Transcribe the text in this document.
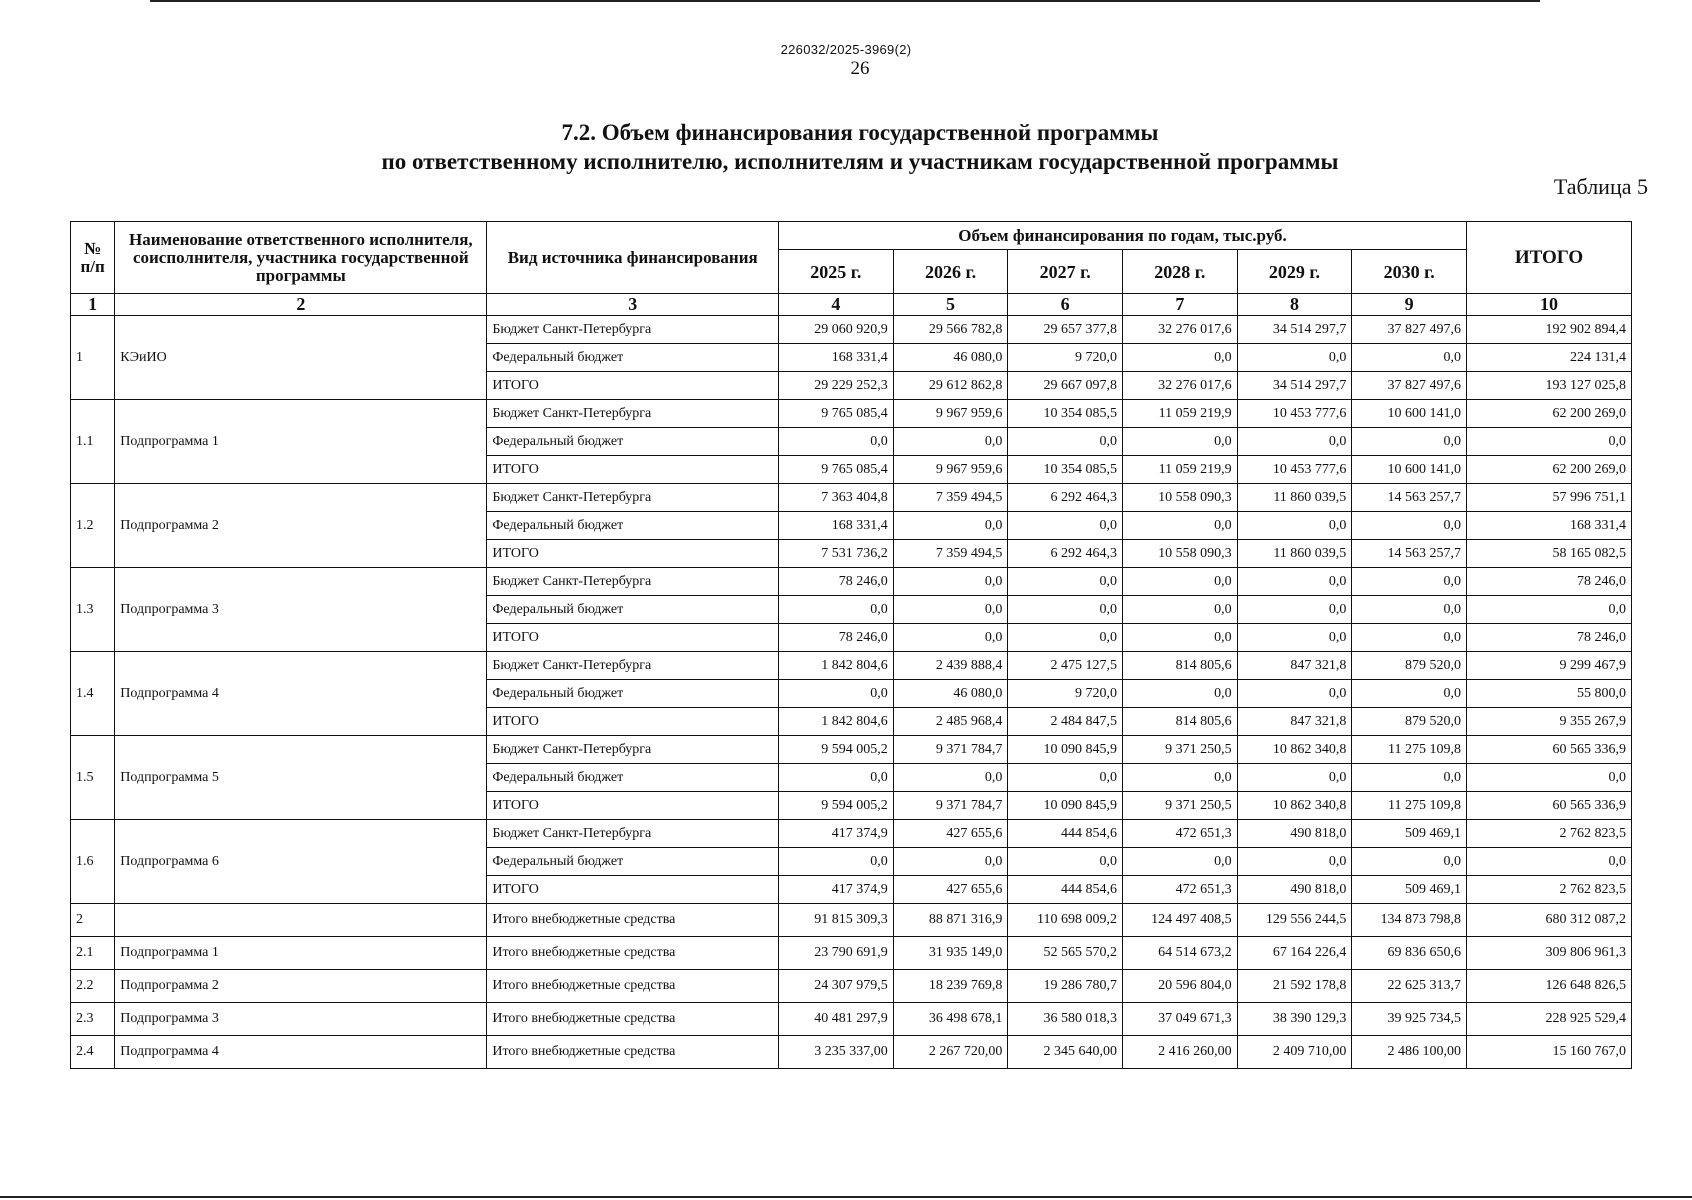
226032/2025-3969(2)
26
7.2. Объем финансирования государственной программы
по ответственному исполнителю, исполнителям и участникам государственной программы
Таблица 5
№ п/п	Наименование ответственного исполнителя, соисполнителя, участника государственной программы	Вид источника финансирования	Объем финансирования по годам, тыс.руб.						ИТОГО
			2025 г.	2026 г.	2027 г.	2028 г.	2029 г.	2030 г.	
1	2	3	4	5	6	7	8	9	10
1	КЭиИО	Бюджет Санкт-Петербурга	29 060 920,9	29 566 782,8	29 657 377,8	32 276 017,6	34 514 297,7	37 827 497,6	192 902 894,4
		Федеральный бюджет	168 331,4	46 080,0	9 720,0	0,0	0,0	0,0	224 131,4
		ИТОГО	29 229 252,3	29 612 862,8	29 667 097,8	32 276 017,6	34 514 297,7	37 827 497,6	193 127 025,8
1.1	Подпрограмма 1	Бюджет Санкт-Петербурга	9 765 085,4	9 967 959,6	10 354 085,5	11 059 219,9	10 453 777,6	10 600 141,0	62 200 269,0
		Федеральный бюджет	0,0	0,0	0,0	0,0	0,0	0,0	0,0
		ИТОГО	9 765 085,4	9 967 959,6	10 354 085,5	11 059 219,9	10 453 777,6	10 600 141,0	62 200 269,0
1.2	Подпрограмма 2	Бюджет Санкт-Петербурга	7 363 404,8	7 359 494,5	6 292 464,3	10 558 090,3	11 860 039,5	14 563 257,7	57 996 751,1
		Федеральный бюджет	168 331,4	0,0	0,0	0,0	0,0	0,0	168 331,4
		ИТОГО	7 531 736,2	7 359 494,5	6 292 464,3	10 558 090,3	11 860 039,5	14 563 257,7	58 165 082,5
1.3	Подпрограмма 3	Бюджет Санкт-Петербурга	78 246,0	0,0	0,0	0,0	0,0	0,0	78 246,0
		Федеральный бюджет	0,0	0,0	0,0	0,0	0,0	0,0	0,0
		ИТОГО	78 246,0	0,0	0,0	0,0	0,0	0,0	78 246,0
1.4	Подпрограмма 4	Бюджет Санкт-Петербурга	1 842 804,6	2 439 888,4	2 475 127,5	814 805,6	847 321,8	879 520,0	9 299 467,9
		Федеральный бюджет	0,0	46 080,0	9 720,0	0,0	0,0	0,0	55 800,0
		ИТОГО	1 842 804,6	2 485 968,4	2 484 847,5	814 805,6	847 321,8	879 520,0	9 355 267,9
1.5	Подпрограмма 5	Бюджет Санкт-Петербурга	9 594 005,2	9 371 784,7	10 090 845,9	9 371 250,5	10 862 340,8	11 275 109,8	60 565 336,9
		Федеральный бюджет	0,0	0,0	0,0	0,0	0,0	0,0	0,0
		ИТОГО	9 594 005,2	9 371 784,7	10 090 845,9	9 371 250,5	10 862 340,8	11 275 109,8	60 565 336,9
1.6	Подпрограмма 6	Бюджет Санкт-Петербурга	417 374,9	427 655,6	444 854,6	472 651,3	490 818,0	509 469,1	2 762 823,5
		Федеральный бюджет	0,0	0,0	0,0	0,0	0,0	0,0	0,0
		ИТОГО	417 374,9	427 655,6	444 854,6	472 651,3	490 818,0	509 469,1	2 762 823,5
2		Итого внебюджетные средства	91 815 309,3	88 871 316,9	110 698 009,2	124 497 408,5	129 556 244,5	134 873 798,8	680 312 087,2
2.1	Подпрограмма 1	Итого внебюджетные средства	23 790 691,9	31 935 149,0	52 565 570,2	64 514 673,2	67 164 226,4	69 836 650,6	309 806 961,3
2.2	Подпрограмма 2	Итого внебюджетные средства	24 307 979,5	18 239 769,8	19 286 780,7	20 596 804,0	21 592 178,8	22 625 313,7	126 648 826,5
2.3	Подпрограмма 3	Итого внебюджетные средства	40 481 297,9	36 498 678,1	36 580 018,3	37 049 671,3	38 390 129,3	39 925 734,5	228 925 529,4
2.4	Подпрограмма 4	Итого внебюджетные средства	3 235 337,00	2 267 720,00	2 345 640,00	2 416 260,00	2 409 710,00	2 486 100,00	15 160 767,0
